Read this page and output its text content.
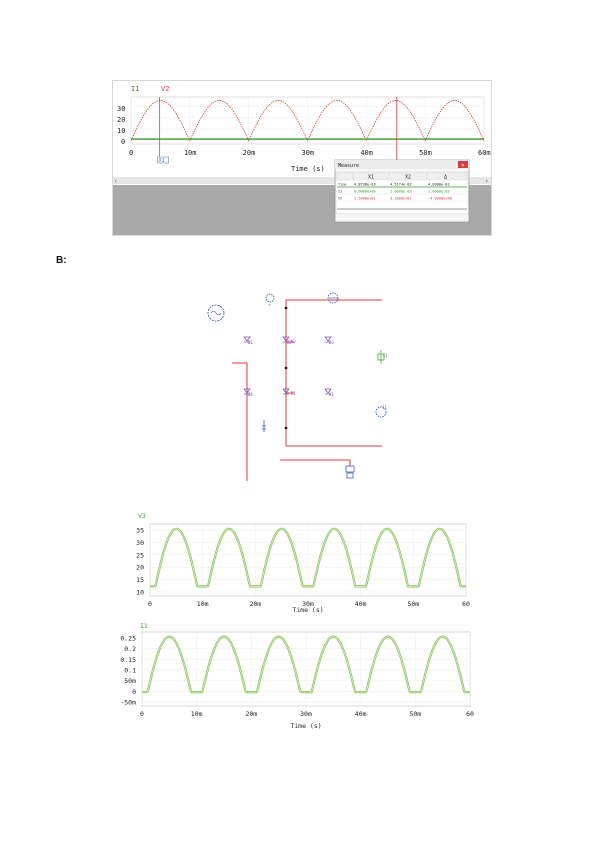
‹	›
X1
I1	V2
30
20
10
0
0	10m	20m	30m	40m	50m	60m
Time (s)	Measure	×
X1	X2	Δ
Time 4.8736e-03	4.5174e-02	4.0300e-02
I1	0.0000e+00	2.0000e-03	1.0000e-03
V2	3.5000e+01	3.1000e+01	-4.0000e+00
B:
+
D1	D2	D3
D4	V1
V2
R1
C1
I1
-
35
30
25
20
15
10
0	10m	20m	30m	40m	50m	60
Time (s)
V3
0.25
0.2
0.15
0.1
50m
0
-50m
0	10m	20m	30m	40m	50m	60
Time (s)
I1
